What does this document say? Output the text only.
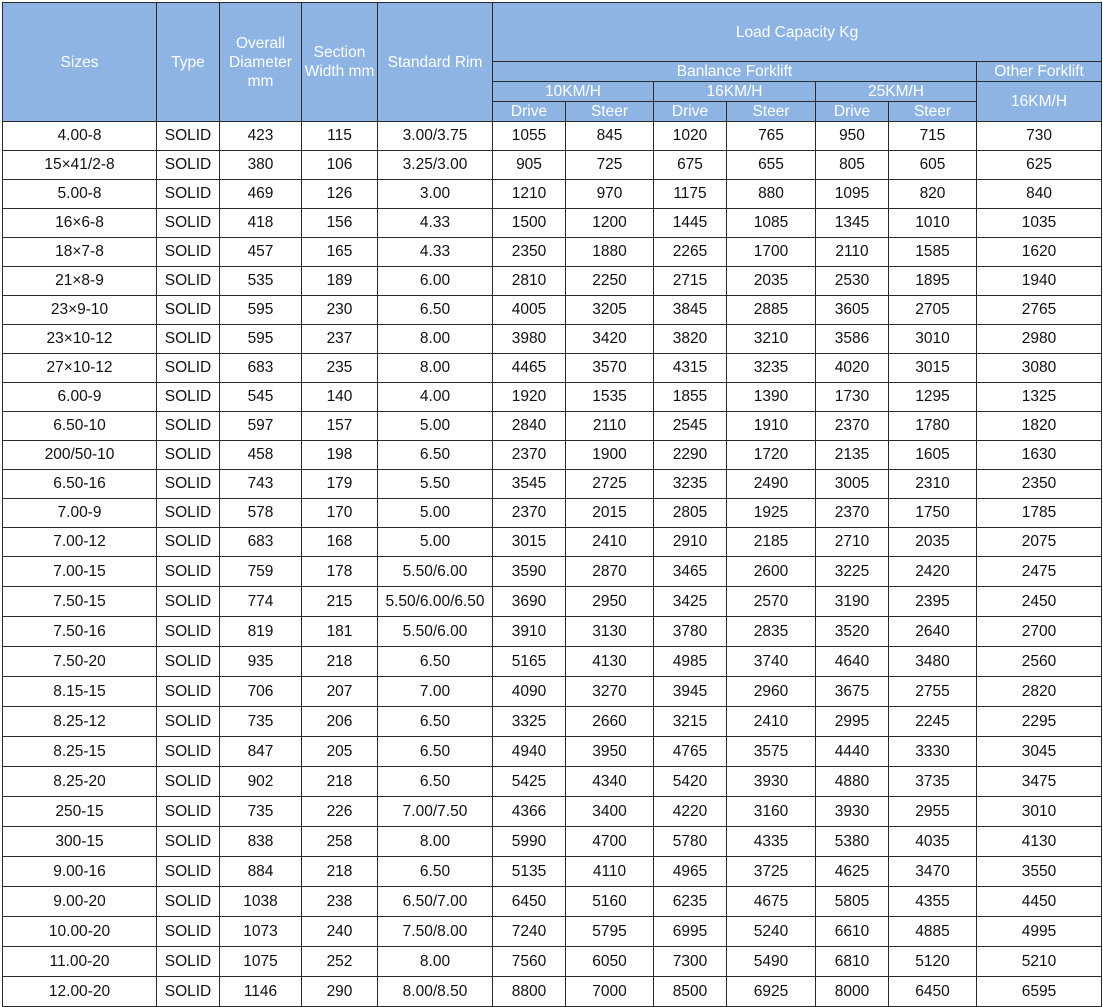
Sizes	Type	Overall Diameter mm	Section Width mm	Standard Rim	Load Capacity Kg						
					Banlance Forklift						Other Forklift
					10KM/H		16KM/H		25KM/H		16KM/H
					Drive	Steer	Drive	Steer	Drive	Steer	
4.00-8	SOLID	423	115	3.00/3.75	1055	845	1020	765	950	715	730
15×41/2-8	SOLID	380	106	3.25/3.00	905	725	675	655	805	605	625
5.00-8	SOLID	469	126	3.00	1210	970	1175	880	1095	820	840
16×6-8	SOLID	418	156	4.33	1500	1200	1445	1085	1345	1010	1035
18×7-8	SOLID	457	165	4.33	2350	1880	2265	1700	2110	1585	1620
21×8-9	SOLID	535	189	6.00	2810	2250	2715	2035	2530	1895	1940
23×9-10	SOLID	595	230	6.50	4005	3205	3845	2885	3605	2705	2765
23×10-12	SOLID	595	237	8.00	3980	3420	3820	3210	3586	3010	2980
27×10-12	SOLID	683	235	8.00	4465	3570	4315	3235	4020	3015	3080
6.00-9	SOLID	545	140	4.00	1920	1535	1855	1390	1730	1295	1325
6.50-10	SOLID	597	157	5.00	2840	2110	2545	1910	2370	1780	1820
200/50-10	SOLID	458	198	6.50	2370	1900	2290	1720	2135	1605	1630
6.50-16	SOLID	743	179	5.50	3545	2725	3235	2490	3005	2310	2350
7.00-9	SOLID	578	170	5.00	2370	2015	2805	1925	2370	1750	1785
7.00-12	SOLID	683	168	5.00	3015	2410	2910	2185	2710	2035	2075
7.00-15	SOLID	759	178	5.50/6.00	3590	2870	3465	2600	3225	2420	2475
7.50-15	SOLID	774	215	5.50/6.00/6.50	3690	2950	3425	2570	3190	2395	2450
7.50-16	SOLID	819	181	5.50/6.00	3910	3130	3780	2835	3520	2640	2700
7.50-20	SOLID	935	218	6.50	5165	4130	4985	3740	4640	3480	2560
8.15-15	SOLID	706	207	7.00	4090	3270	3945	2960	3675	2755	2820
8.25-12	SOLID	735	206	6.50	3325	2660	3215	2410	2995	2245	2295
8.25-15	SOLID	847	205	6.50	4940	3950	4765	3575	4440	3330	3045
8.25-20	SOLID	902	218	6.50	5425	4340	5420	3930	4880	3735	3475
250-15	SOLID	735	226	7.00/7.50	4366	3400	4220	3160	3930	2955	3010
300-15	SOLID	838	258	8.00	5990	4700	5780	4335	5380	4035	4130
9.00-16	SOLID	884	218	6.50	5135	4110	4965	3725	4625	3470	3550
9.00-20	SOLID	1038	238	6.50/7.00	6450	5160	6235	4675	5805	4355	4450
10.00-20	SOLID	1073	240	7.50/8.00	7240	5795	6995	5240	6610	4885	4995
11.00-20	SOLID	1075	252	8.00	7560	6050	7300	5490	6810	5120	5210
12.00-20	SOLID	1146	290	8.00/8.50	8800	7000	8500	6925	8000	6450	6595
